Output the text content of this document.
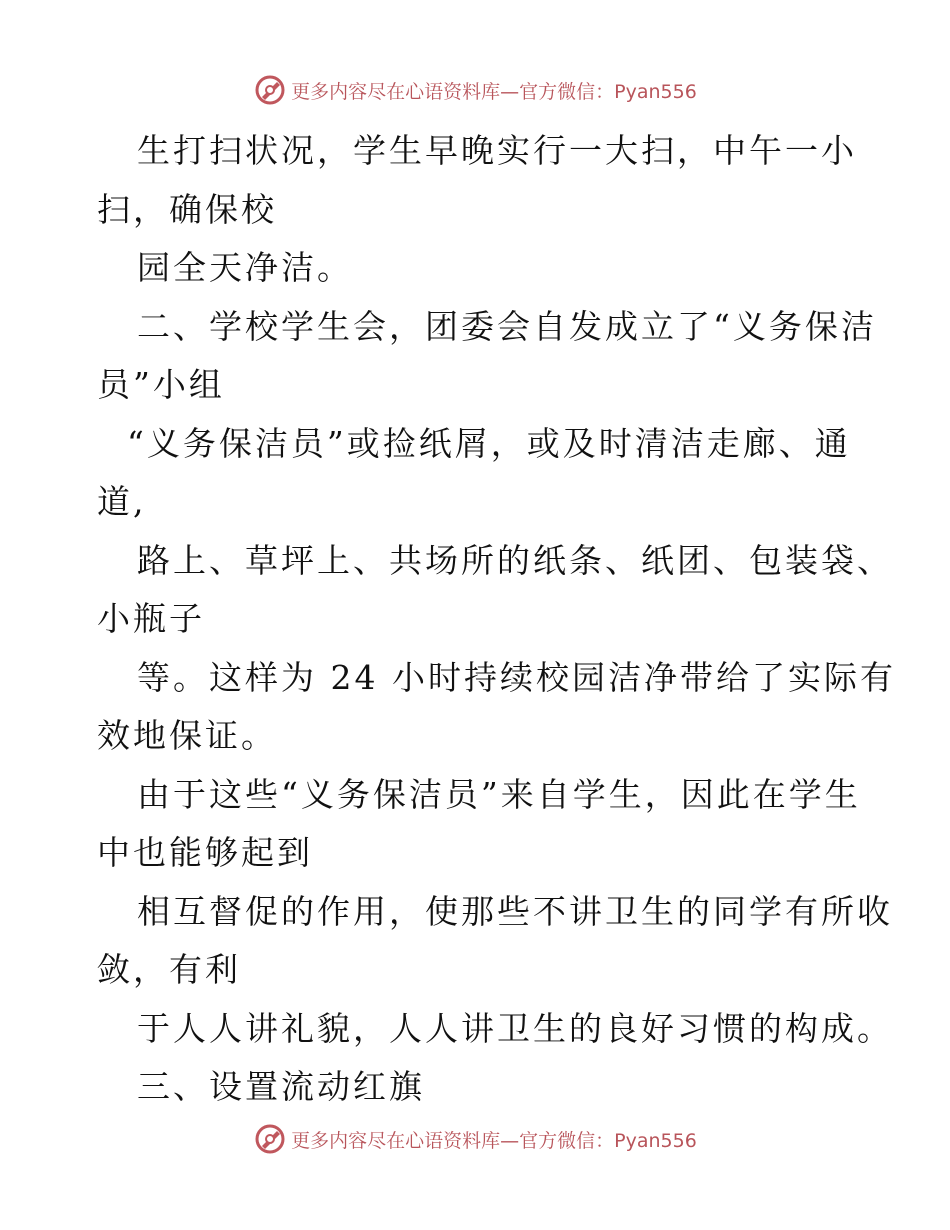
更多内容尽在心语资料库—官方微信：Pyan556
生打扫状况，学生早晚实行一大扫，中午一小
扫，确保校
园全天净洁。
二、学校学生会，团委会自发成立了“义务保洁
员”小组
“义务保洁员”或捡纸屑，或及时清洁走廊、通
道,
路上、草坪上、共场所的纸条、纸团、包装袋、
小瓶子
等。这样为 24 小时持续校园洁净带给了实际有
效地保证。
由于这些“义务保洁员”来自学生，因此在学生
中也能够起到
相互督促的作用，使那些不讲卫生的同学有所收
敛，有利
于人人讲礼貌，人人讲卫生的良好习惯的构成。
三、设置流动红旗
更多内容尽在心语资料库—官方微信：Pyan556
